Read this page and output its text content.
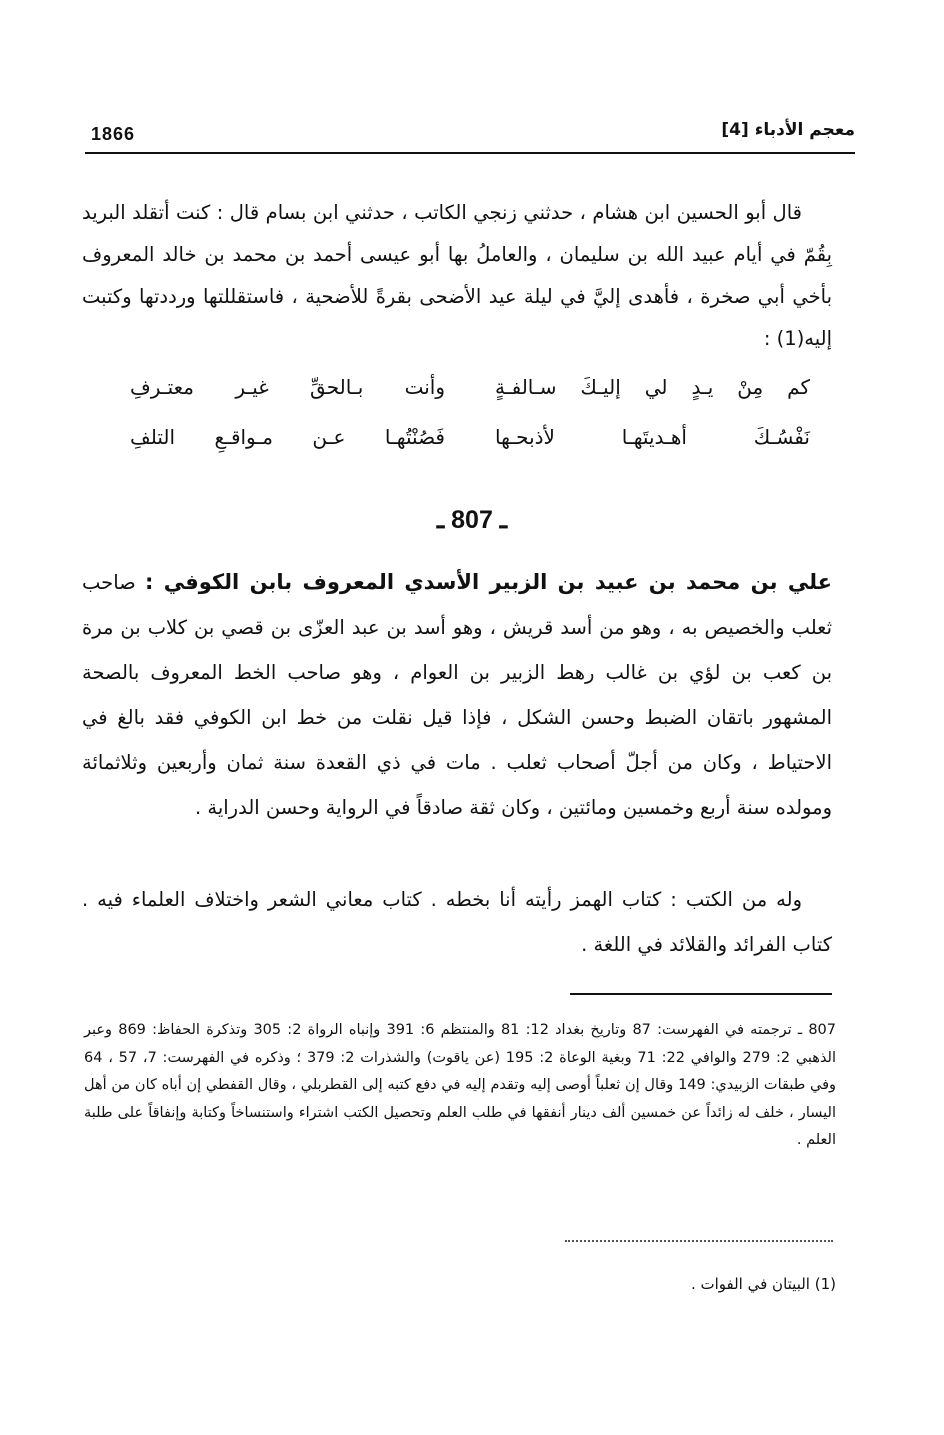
1866	معجم الأدباء [4]

قال أبو الحسين ابن هشام ، حدثني زنجي الكاتب ، حدثني ابن بسام قال : كنت أتقلد البريد بِقُمّ في أيام عبيد الله بن سليمان ، والعاملُ بها أبو عيسى أحمد بن محمد بن خالد المعروف بأخي أبي صخرة ، فأهدى إليَّ في ليلة عيد الأضحى بقرةً للأضحية ، فاستقللتها ورددتها وكتبت إليه(1) :

كم مِنْ يـدٍ لي إليـكَ سـالفـةٍ
وأنت بـالحقِّ غيـر معتـرفِ
نَفْسُـكَ أهـديتَهـا لأذبحـها
فَصُنْتُهـا عـن مـواقـعِ التلفِ
ـ 807 ـ

علي بن محمد بن عبيد بن الزبير الأسدي المعروف بابن الكوفي : صاحب ثعلب والخصيص به ، وهو من أسد قريش ، وهو أسد بن عبد العزّى بن قصي بن كلاب بن مرة بن كعب بن لؤي بن غالب رهط الزبير بن العوام ، وهو صاحب الخط المعروف بالصحة المشهور باتقان الضبط وحسن الشكل ، فإذا قيل نقلت من خط ابن الكوفي فقد بالغ في الاحتياط ، وكان من أجلّ أصحاب ثعلب . مات في ذي القعدة سنة ثمان وأربعين وثلاثمائة ومولده سنة أربع وخمسين ومائتين ، وكان ثقة صادقاً في الرواية وحسن الدراية .

وله من الكتب : كتاب الهمز رأيته أنا بخطه . كتاب معاني الشعر واختلاف العلماء فيه . كتاب الفرائد والقلائد في اللغة .

807 ـ ترجمته في الفهرست: 87 وتاريخ بغداد 12: 81 والمنتظم 6: 391 وإنباه الرواة 2: 305 وتذكرة الحفاظ: 869 وعبر الذهبي 2: 279 والوافي 22: 71 وبغية الوعاة 2: 195 (عن ياقوت) والشذرات 2: 379 ؛ وذكره في الفهرست: 7، 57 ، 64 وفي طبقات الزبيدي: 149 وقال إن ثعلباً أوصى إليه وتقدم إليه في دفع كتبه إلى القطربلي ، وقال القفطي إن أباه كان من أهل اليسار ، خلف له زائداً عن خمسين ألف دينار أنفقها في طلب العلم وتحصيل الكتب اشتراء واستنساخاً وكتابة وإنفاقاً على طلبة العلم .

(1) البيتان في الفوات .
